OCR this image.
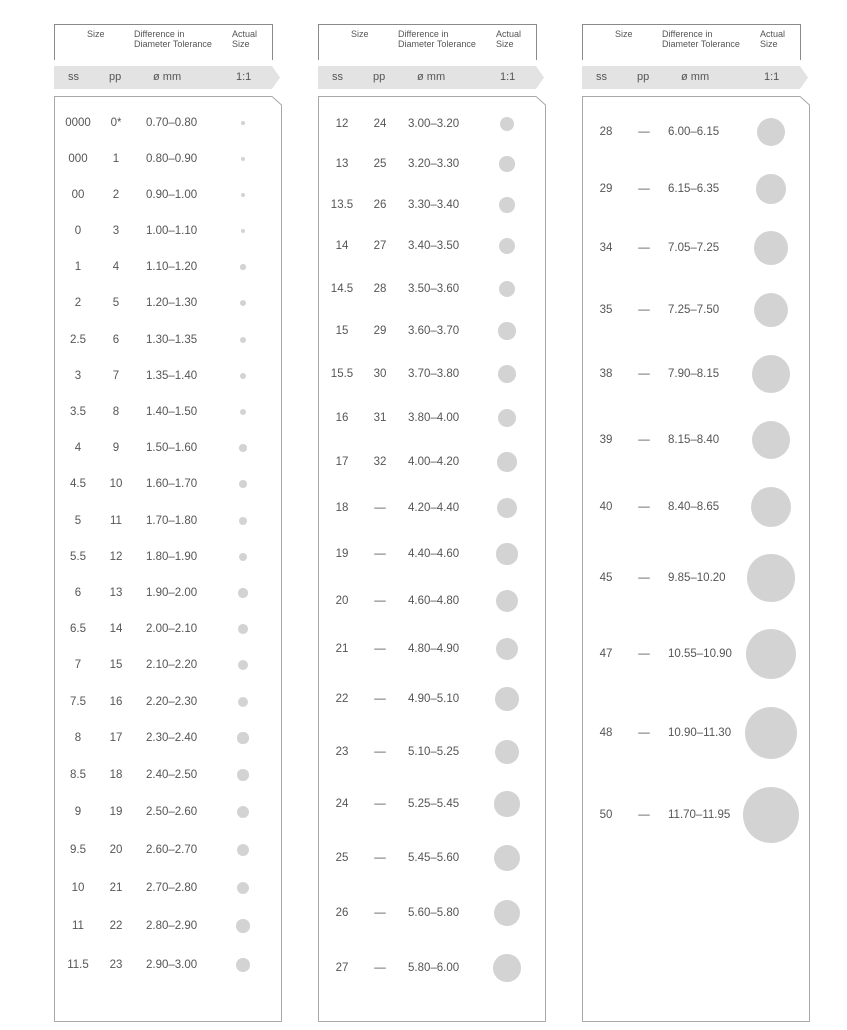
Size	Difference in
Diameter Tolerance
Actual
Size
ss	pp	ø mm	1:1
0000	0*	0.70–0.80
000	1	0.80–0.90
00	2	0.90–1.00
0	3	1.00–1.10
1	4	1.10–1.20
2	5	1.20–1.30
2.5	6	1.30–1.35
3	7	1.35–1.40
3.5	8	1.40–1.50
4	9	1.50–1.60
4.5	10	1.60–1.70
5	11	1.70–1.80
5.5	12	1.80–1.90
6	13	1.90–2.00
6.5	14	2.00–2.10
7	15	2.10–2.20
7.5	16	2.20–2.30
8	17	2.30–2.40
8.5	18	2.40–2.50
9	19	2.50–2.60
9.5	20	2.60–2.70
10	21	2.70–2.80
11	22	2.80–2.90
11.5	23	2.90–3.00
Size	Difference in
Diameter Tolerance
Actual
Size
ss	pp	ø mm	1:1
12	24	3.00–3.20
13	25	3.20–3.30
13.5	26	3.30–3.40
14	27	3.40–3.50
14.5	28	3.50–3.60
15	29	3.60–3.70
15.5	30	3.70–3.80
16	31	3.80–4.00
17	32	4.00–4.20
18	—	4.20–4.40
19	—	4.40–4.60
20	—	4.60–4.80
21	—	4.80–4.90
22	—	4.90–5.10
23	—	5.10–5.25
24	—	5.25–5.45
25	—	5.45–5.60
26	—	5.60–5.80
27	—	5.80–6.00
Size	Difference in
Diameter Tolerance
Actual
Size
ss	pp	ø mm	1:1
28	—	6.00–6.15
29	—	6.15–6.35
34	—	7.05–7.25
35	—	7.25–7.50
38	—	7.90–8.15
39	—	8.15–8.40
40	—	8.40–8.65
45	—	9.85–10.20
47	—	10.55–10.90
48	—	10.90–11.30
50	—	11.70–11.95
